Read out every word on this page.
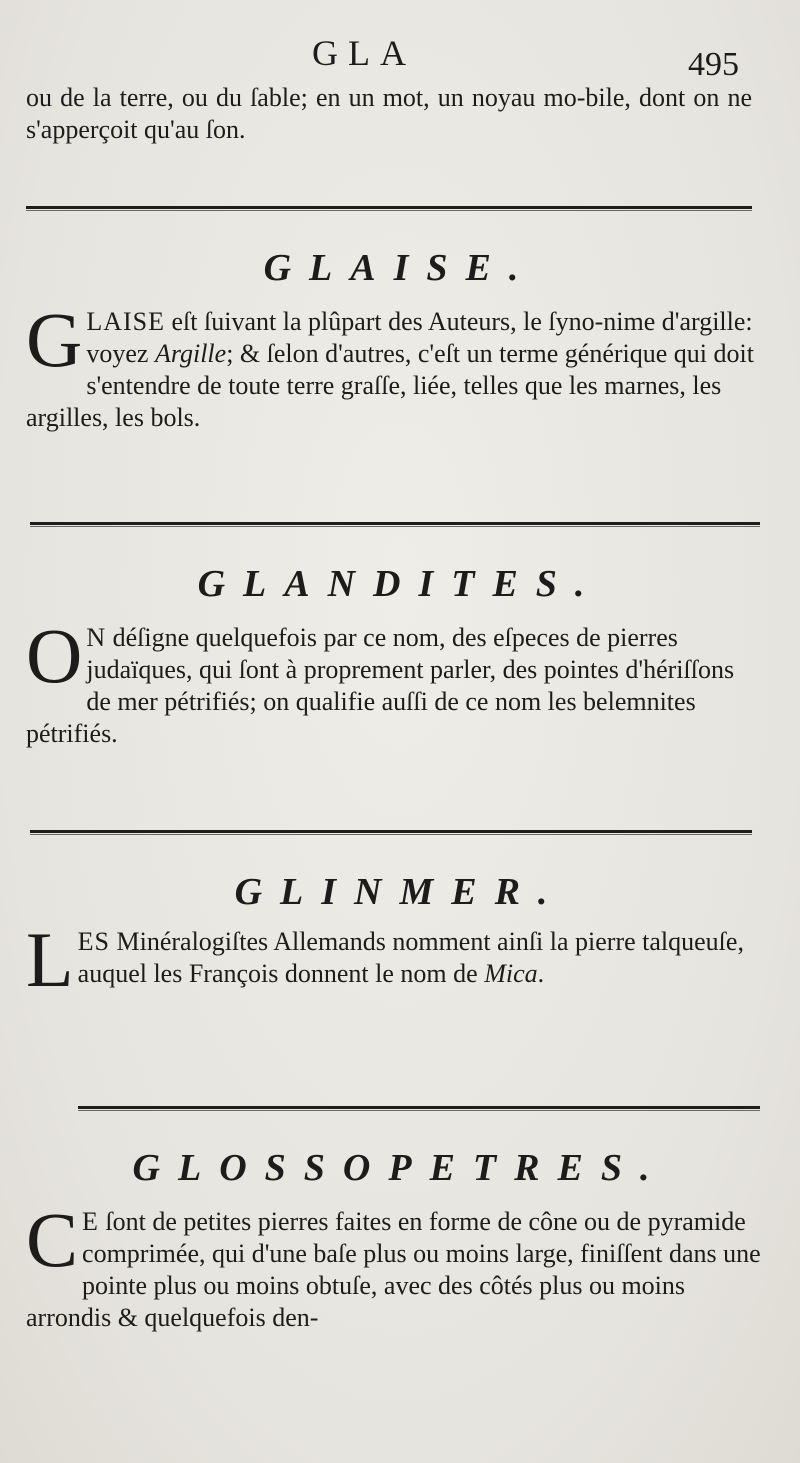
GLA	495

ou de la terre, ou du ſable; en un mot, un noyau mo-bile, dont on ne s'apperçoit qu'au ſon.

GLAISE.

GLAISE eſt ſuivant la plûpart des Auteurs, le ſyno-nime d'argille: voyez Argille; & ſelon d'autres, c'eſt un terme générique qui doit s'entendre de toute terre graſſe, liée, telles que les marnes, les argilles, les bols.

GLANDITES.

O N déſigne quelquefois par ce nom, des eſpeces de pierres judaïques, qui ſont à proprement parler, des pointes d'hériſſons de mer pétrifiés; on qualifie auſſi de ce nom les belemnites pétrifiés.

GLINMER.

LES Minéralogiſtes Allemands nomment ainſi la pierre talqueuſe, auquel les François donnent le nom de Mica.

GLOSSOPETRES.

C E ſont de petites pierres faites en forme de cône ou de pyramide comprimée, qui d'une baſe plus ou moins large, finiſſent dans une pointe plus ou moins obtuſe, avec des côtés plus ou moins arrondis & quelquefois den-
